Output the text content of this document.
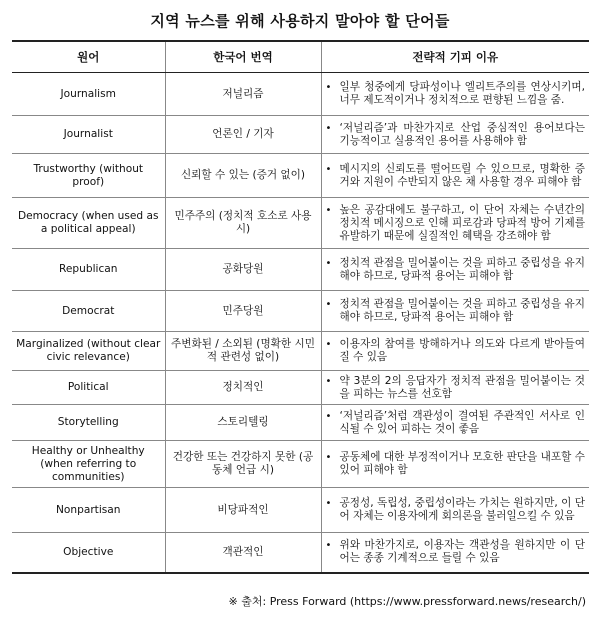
지역 뉴스를 위해 사용하지 말아야 할 단어들
원어	한국어 번역	전략적 기피 이유
Journalism	저널리즘	• 일부 청중에게 당파성이나 엘리트주의를 연상시키며, 너무 제도적이거나 정치적으로 편향된 느낌을 줌.

Journalist	언론인 / 기자	• ‘저널리즘’과 마찬가지로 산업 중심적인 용어보다는 기능적이고 실용적인 용어를 사용해야 함

Trustworthy (without proof)	신뢰할 수 있는 (증거 없이)	• 메시지의 신뢰도를 떨어뜨릴 수 있으므로, 명확한 증거와 지원이 수반되지 않은 채 사용할 경우 피해야 함

Democracy (when used as a political appeal)	민주주의 (정치적 호소로 사용 시)	• 높은 공감대에도 불구하고, 이 단어 자체는 수년간의 정치적 메시징으로 인해 피로감과 당파적 방어 기제를 유발하기 때문에 실질적인 혜택을 강조해야 함

Republican	공화당원	• 정치적 관점을 밀어붙이는 것을 피하고 중립성을 유지해야 하므로, 당파적 용어는 피해야 함

Democrat	민주당원	• 정치적 관점을 밀어붙이는 것을 피하고 중립성을 유지해야 하므로, 당파적 용어는 피해야 함

Marginalized (without clear civic relevance)	주변화된 / 소외된 (명확한 시민적 관련성 없이)	• 이용자의 참여를 방해하거나 의도와 다르게 받아들여질 수 있음

Political	정치적인	• 약 3분의 2의 응답자가 정치적 관점을 밀어붙이는 것을 피하는 뉴스를 선호함

Storytelling	스토리텔링	• ‘저널리즘’처럼 객관성이 결여된 주관적인 서사로 인식될 수 있어 피하는 것이 좋음

Healthy or Unhealthy (when referring to communities)	건강한 또는 건강하지 못한 (공동체 언급 시)	• 공동체에 대한 부정적이거나 모호한 판단을 내포할 수 있어 피해야 함

Nonpartisan	비당파적인	• 공정성, 독립성, 중립성이라는 가치는 원하지만, 이 단어 자체는 이용자에게 회의론을 불러일으킬 수 있음

Objective	객관적인	• 위와 마찬가지로, 이용자는 객관성을 원하지만 이 단어는 종종 기계적으로 들릴 수 있음
※ 출처: Press Forward (https://www.pressforward.news/research/)
